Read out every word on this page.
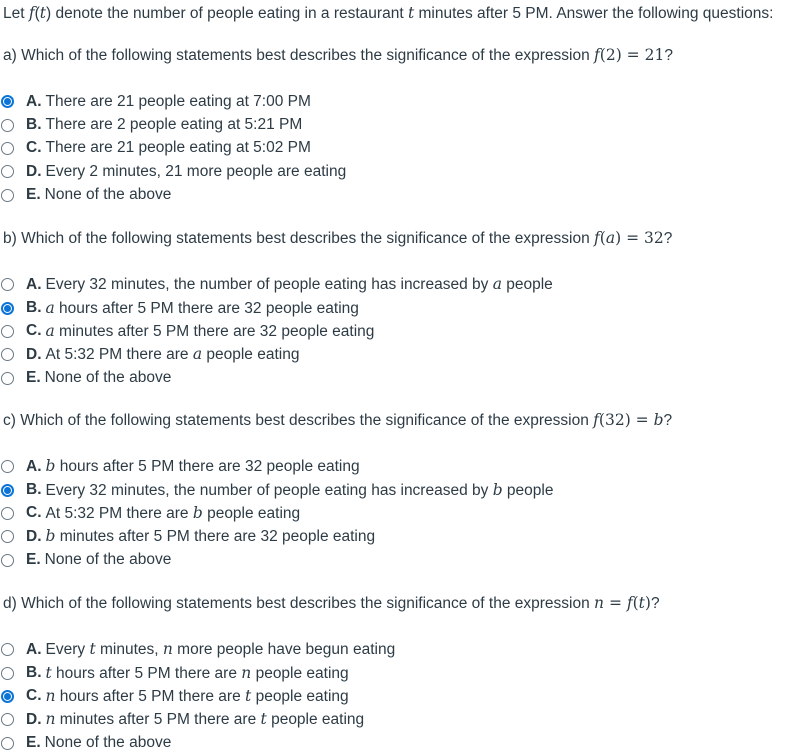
Let f(t) denote the number of people eating in a restaurant t minutes after 5 PM. Answer the following questions:
a) Which of the following statements best describes the significance of the expression f(2) = 21?
A. There are 21 people eating at 7:00 PM
B. There are 2 people eating at 5:21 PM
C. There are 21 people eating at 5:02 PM
D. Every 2 minutes, 21 more people are eating
E. None of the above
b) Which of the following statements best describes the significance of the expression f(a) = 32?
A. Every 32 minutes, the number of people eating has increased by a people
B. a hours after 5 PM there are 32 people eating
C. a minutes after 5 PM there are 32 people eating
D. At 5:32 PM there are a people eating
E. None of the above
c) Which of the following statements best describes the significance of the expression f(32) = b?
A. b hours after 5 PM there are 32 people eating
B. Every 32 minutes, the number of people eating has increased by b people
C. At 5:32 PM there are b people eating
D. b minutes after 5 PM there are 32 people eating
E. None of the above
d) Which of the following statements best describes the significance of the expression n = f(t)?
A. Every t minutes, n more people have begun eating
B. t hours after 5 PM there are n people eating
C. n hours after 5 PM there are t people eating
D. n minutes after 5 PM there are t people eating
E. None of the above
